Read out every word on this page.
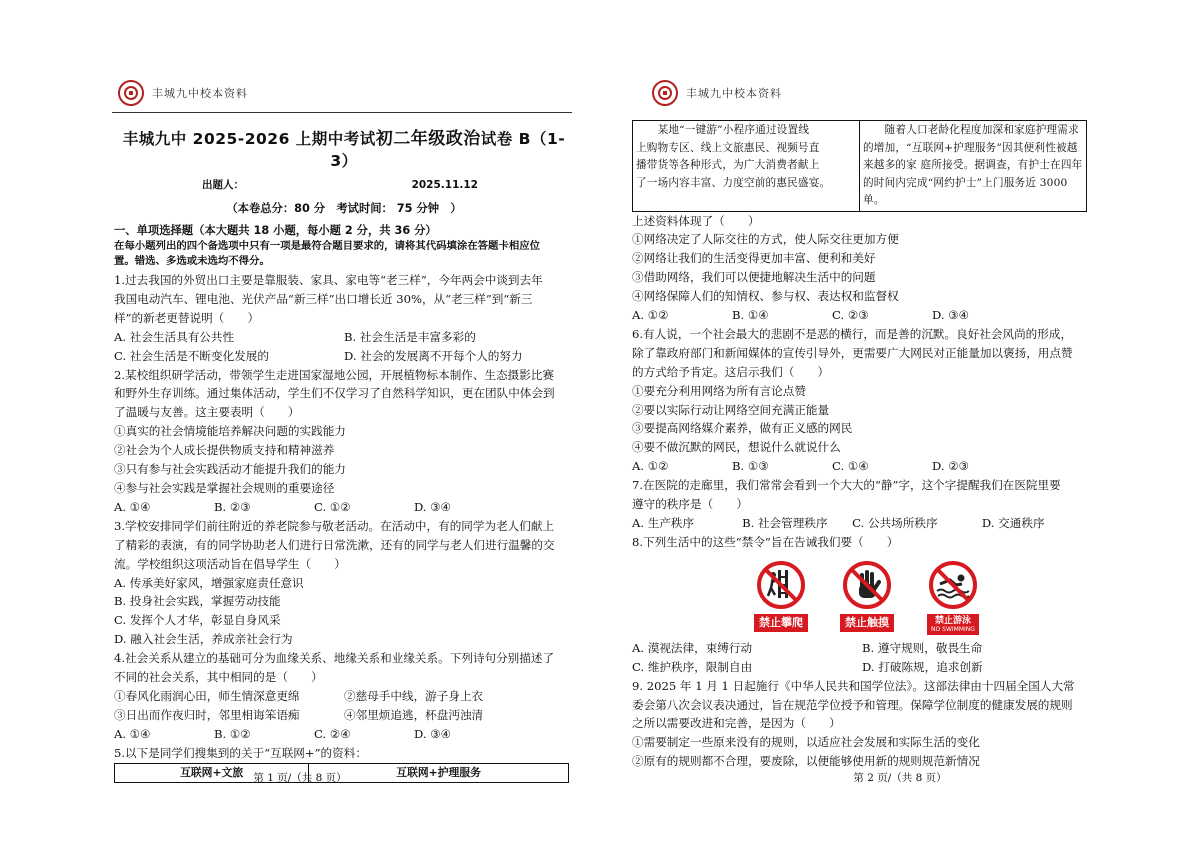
丰城九中校本资料
丰城九中 2025-2026 上期中考试初二年级政治试卷 B（1-3）
出题人：	2025.11.12
（本卷总分：80 分　考试时间： 75 分钟　）
一、单项选择题（本大题共 18 小题，每小题 2 分，共 36 分）
在每小题列出的四个备选项中只有一项是最符合题目要求的，请将其代码填涂在答题卡相应位
置。错选、多选或未选均不得分。
1.过去我国的外贸出口主要是靠服装、家具、家电等“老三样”，今年两会中谈到去年
我国电动汽车、锂电池、光伏产品“新三样”出口增长近 30%，从“老三样”到“新三
样”的新老更替说明（　　）
A. 社会生活具有公共性	B. 社会生活是丰富多彩的
C. 社会生活是不断变化发展的	D. 社会的发展离不开每个人的努力
2.某校组织研学活动，带领学生走进国家湿地公园，开展植物标本制作、生态摄影比赛
和野外生存训练。通过集体活动，学生们不仅学习了自然科学知识，更在团队中体会到
了温暖与友善。这主要表明（　　）
①真实的社会情境能培养解决问题的实践能力
②社会为个人成长提供物质支持和精神滋养
③只有参与社会实践活动才能提升我们的能力
④参与社会实践是掌握社会规则的重要途径
A. ①④	B. ②③	C. ①②	D. ③④
3.学校安排同学们前往附近的养老院参与敬老活动。在活动中，有的同学为老人们献上
了精彩的表演，有的同学协助老人们进行日常洗漱，还有的同学与老人们进行温馨的交
流。学校组织这项活动旨在倡导学生（　　）
A. 传承美好家风，增强家庭责任意识
B. 投身社会实践，掌握劳动技能
C. 发挥个人才华，彰显自身风采
D. 融入社会生活，养成亲社会行为
4.社会关系从建立的基础可分为血缘关系、地缘关系和业缘关系。下列诗句分别描述了
不同的社会关系，其中相同的是（　　）
①春风化雨润心田，师生情深意更绵	②慈母手中线，游子身上衣
③日出而作夜归时，邻里相诲笨语痴	④邻里烦追逃，杯盘沔浊清
A. ①④	B. ①②	C. ②④	D. ③④
5.以下是同学们搜集到的关于“互联网+”的资料：
互联网+文旅	互联网+护理服务
第 1 页/（共 8 页）
丰城九中校本资料
　　某地“一键游”小程序通过设置线
上购物专区、线上文旅惠民、视频号直
播带货等各种形式，为广大消费者献上
了一场内容丰富、力度空前的惠民盛宴。

　　随着人口老龄化程度加深和家庭护理需求
的增加，“互联网+护理服务”因其便利性被越
来越多的家 庭所接受。据调查，有护士在四年
的时间内完成“网约护士”上门服务近 3000 单。
上述资料体现了（　　）
①网络决定了人际交往的方式，使人际交往更加方便
②网络让我们的生活变得更加丰富、便利和美好
③借助网络，我们可以便捷地解决生活中的问题
④网络保障人们的知情权、参与权、表达权和监督权
A. ①②	B. ①④	C. ②③	D. ③④
6.有人说，一个社会最大的悲剧不是恶的横行，而是善的沉默。良好社会风尚的形成，
除了靠政府部门和新闻媒体的宣传引导外，更需要广大网民对正能量加以褒扬，用点赞
的方式给予肯定。这启示我们（　　）
①要充分利用网络为所有言论点赞
②要以实际行动让网络空间充满正能量
③要提高网络媒介素养，做有正义感的网民
④要不做沉默的网民，想说什么就说什么
A. ①②	B. ①③	C. ①④	D. ②③
7.在医院的走廊里，我们常常会看到一个大大的“静”字，这个字提醒我们在医院里要
遵守的秩序是（　　）
A. 生产秩序	B. 社会管理秩序	C. 公共场所秩序	D. 交通秩序
8.下列生活中的这些“禁令”旨在告诫我们要（　　）
禁止攀爬	禁止触摸	禁止游泳
NO SWIMMING
A. 漠视法律，束缚行动	B. 遵守规则，敬畏生命
C. 维护秩序，限制自由	D. 打破陈规，追求创新
9. 2025 年 1 月 1 日起施行《中华人民共和国学位法》。这部法律由十四届全国人大常
委会第八次会议表决通过，旨在规范学位授予和管理。保障学位制度的健康发展的规则
之所以需要改进和完善，是因为（　　）
①需要制定一些原来没有的规则，以适应社会发展和实际生活的变化
②原有的规则都不合理，要废除，以便能够使用新的规则规范新情况
第 2 页/（共 8 页）
